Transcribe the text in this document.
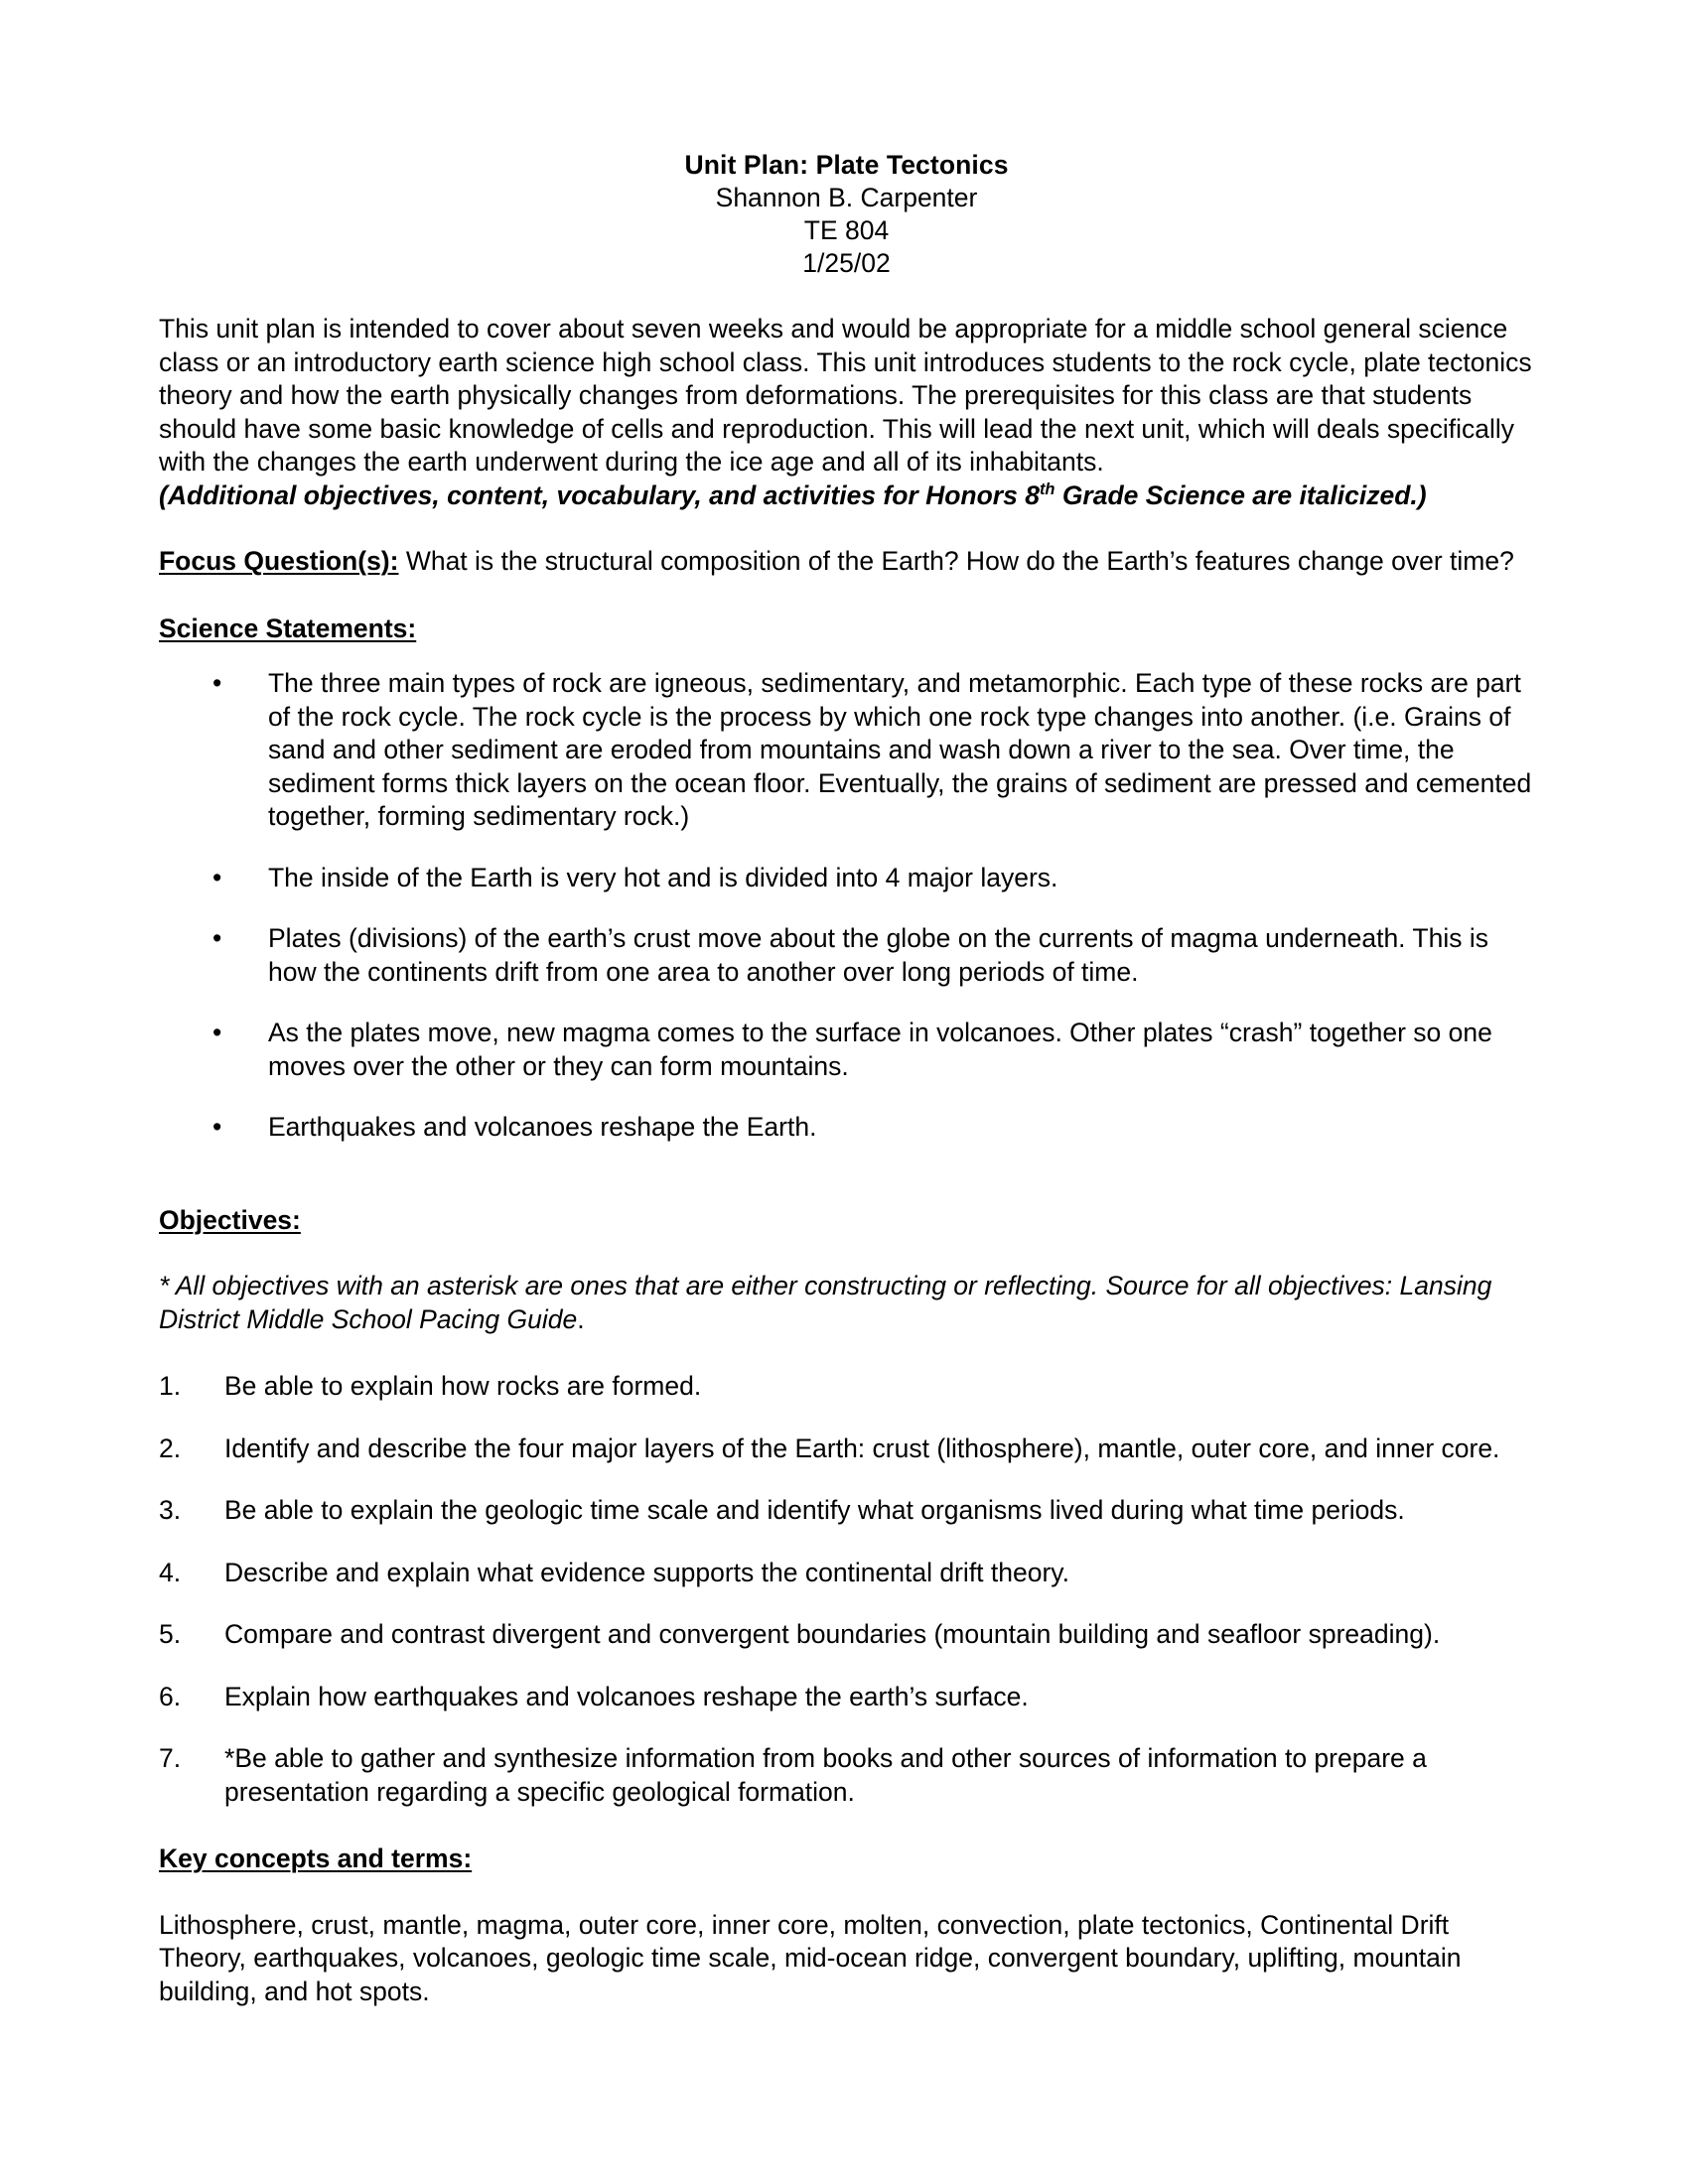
Unit Plan: Plate Tectonics
Shannon B. Carpenter
TE 804
1/25/02
This unit plan is intended to cover about seven weeks and would be appropriate for a middle school general science class or an introductory earth science high school class. This unit introduces students to the rock cycle, plate tectonics theory and how the earth physically changes from deformations. The prerequisites for this class are that students should have some basic knowledge of cells and reproduction. This will lead the next unit, which will deals specifically with the changes the earth underwent during the ice age and all of its inhabitants.
(Additional objectives, content, vocabulary, and activities for Honors 8th Grade Science are italicized.)
Focus Question(s): What is the structural composition of the Earth? How do the Earth’s features change over time?
Science Statements:
• The three main types of rock are igneous, sedimentary, and metamorphic. Each type of these rocks are part of the rock cycle. The rock cycle is the process by which one rock type changes into another. (i.e. Grains of sand and other sediment are eroded from mountains and wash down a river to the sea. Over time, the sediment forms thick layers on the ocean floor. Eventually, the grains of sediment are pressed and cemented together, forming sedimentary rock.)
• The inside of the Earth is very hot and is divided into 4 major layers.
• Plates (divisions) of the earth’s crust move about the globe on the currents of magma underneath. This is how the continents drift from one area to another over long periods of time.
• As the plates move, new magma comes to the surface in volcanoes. Other plates “crash” together so one moves over the other or they can form mountains.
• Earthquakes and volcanoes reshape the Earth.
Objectives:
* All objectives with an asterisk are ones that are either constructing or reflecting. Source for all objectives: Lansing District Middle School Pacing Guide.
1. Be able to explain how rocks are formed.
2. Identify and describe the four major layers of the Earth: crust (lithosphere), mantle, outer core, and inner core.
3. Be able to explain the geologic time scale and identify what organisms lived during what time periods.
4. Describe and explain what evidence supports the continental drift theory.
5. Compare and contrast divergent and convergent boundaries (mountain building and seafloor spreading).
6. Explain how earthquakes and volcanoes reshape the earth’s surface.
7. *Be able to gather and synthesize information from books and other sources of information to prepare a presentation regarding a specific geological formation.
Key concepts and terms:
Lithosphere, crust, mantle, magma, outer core, inner core, molten, convection, plate tectonics, Continental Drift Theory, earthquakes, volcanoes, geologic time scale, mid-ocean ridge, convergent boundary, uplifting, mountain building, and hot spots.
